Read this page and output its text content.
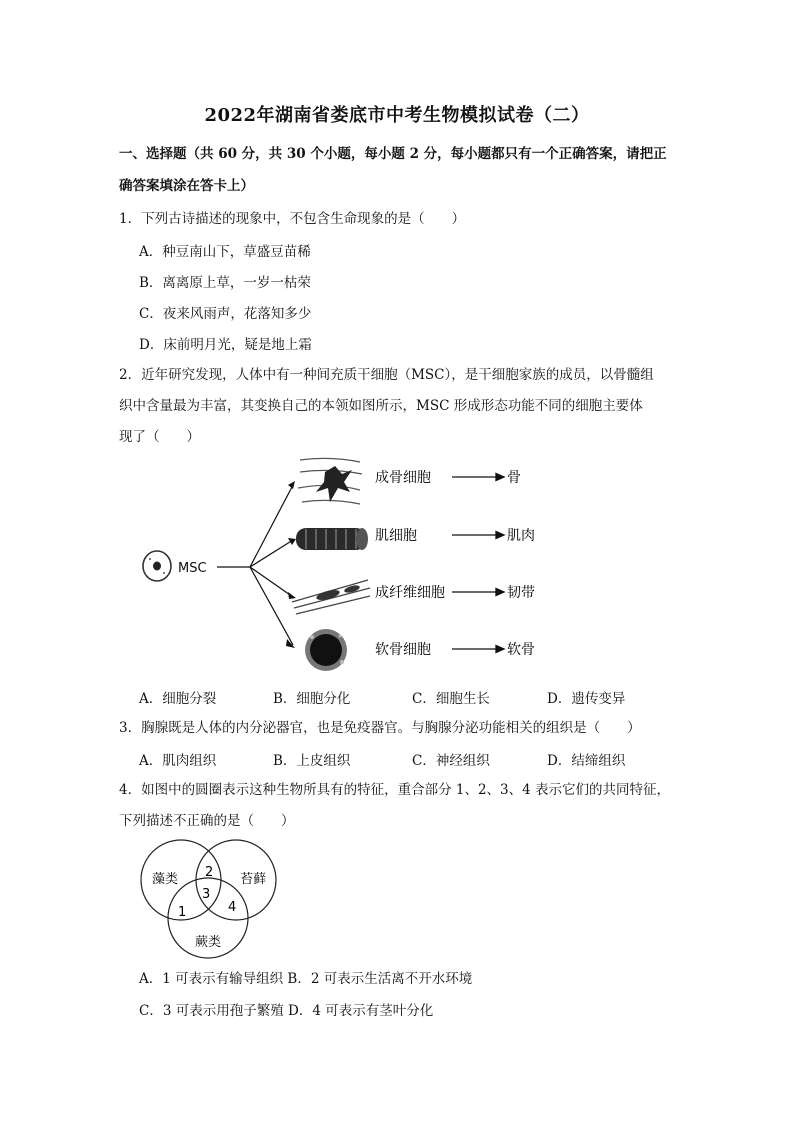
2022年湖南省娄底市中考生物模拟试卷（二）
一、选择题（共 60 分，共 30 个小题，每小题 2 分，每小题都只有一个正确答案，请把正
确答案填涂在答卡上）
1．下列古诗描述的现象中，不包含生命现象的是（　　）
A．种豆南山下，草盛豆苗稀
B．离离原上草，一岁一枯荣
C．夜来风雨声，花落知多少
D．床前明月光，疑是地上霜
2．近年研究发现，人体中有一种间充质干细胞（MSC），是干细胞家族的成员，以骨髓组
织中含量最为丰富，其变换自己的本领如图所示，MSC 形成形态功能不同的细胞主要体
现了（　　）
MSC
成骨细胞	骨
肌细胞	肌肉
成纤维细胞	韧带
软骨细胞	软骨
A．细胞分裂	B．细胞分化	C．细胞生长	D．遗传变异
3．胸腺既是人体的内分泌器官，也是免疫器官。与胸腺分泌功能相关的组织是（　　）
A．肌肉组织	B．上皮组织	C．神经组织	D．结缔组织
4．如图中的圆圈表示这种生物所具有的特征，重合部分 1、2、3、4 表示它们的共同特征，
下列描述不正确的是（　　）
藻类	苔藓
蕨类
1
2
3
4
A．1 可表示有输导组织 B．2 可表示生活离不开水环境
C．3 可表示用孢子繁殖 D．4 可表示有茎叶分化
